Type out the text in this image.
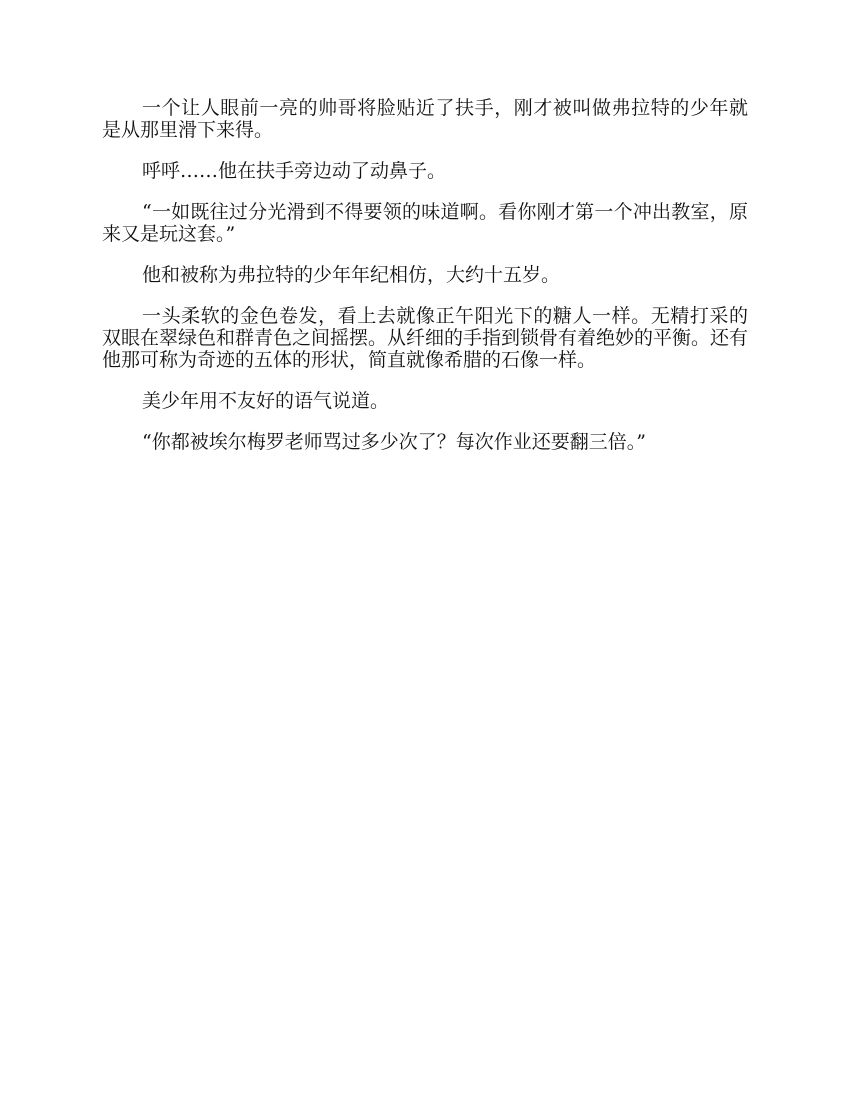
一个让人眼前一亮的帅哥将脸贴近了扶手，刚才被叫做弗拉特的少年就是从那里滑下来得。

呼呼……他在扶手旁边动了动鼻子。

“一如既往过分光滑到不得要领的味道啊。看你刚才第一个冲出教室，原来又是玩这套。”

他和被称为弗拉特的少年年纪相仿，大约十五岁。

一头柔软的金色卷发，看上去就像正午阳光下的糖人一样。无精打采的双眼在翠绿色和群青色之间摇摆。从纤细的手指到锁骨有着绝妙的平衡。还有他那可称为奇迹的五体的形状，简直就像希腊的石像一样。

美少年用不友好的语气说道。

“你都被埃尔梅罗老师骂过多少次了？每次作业还要翻三倍。”
